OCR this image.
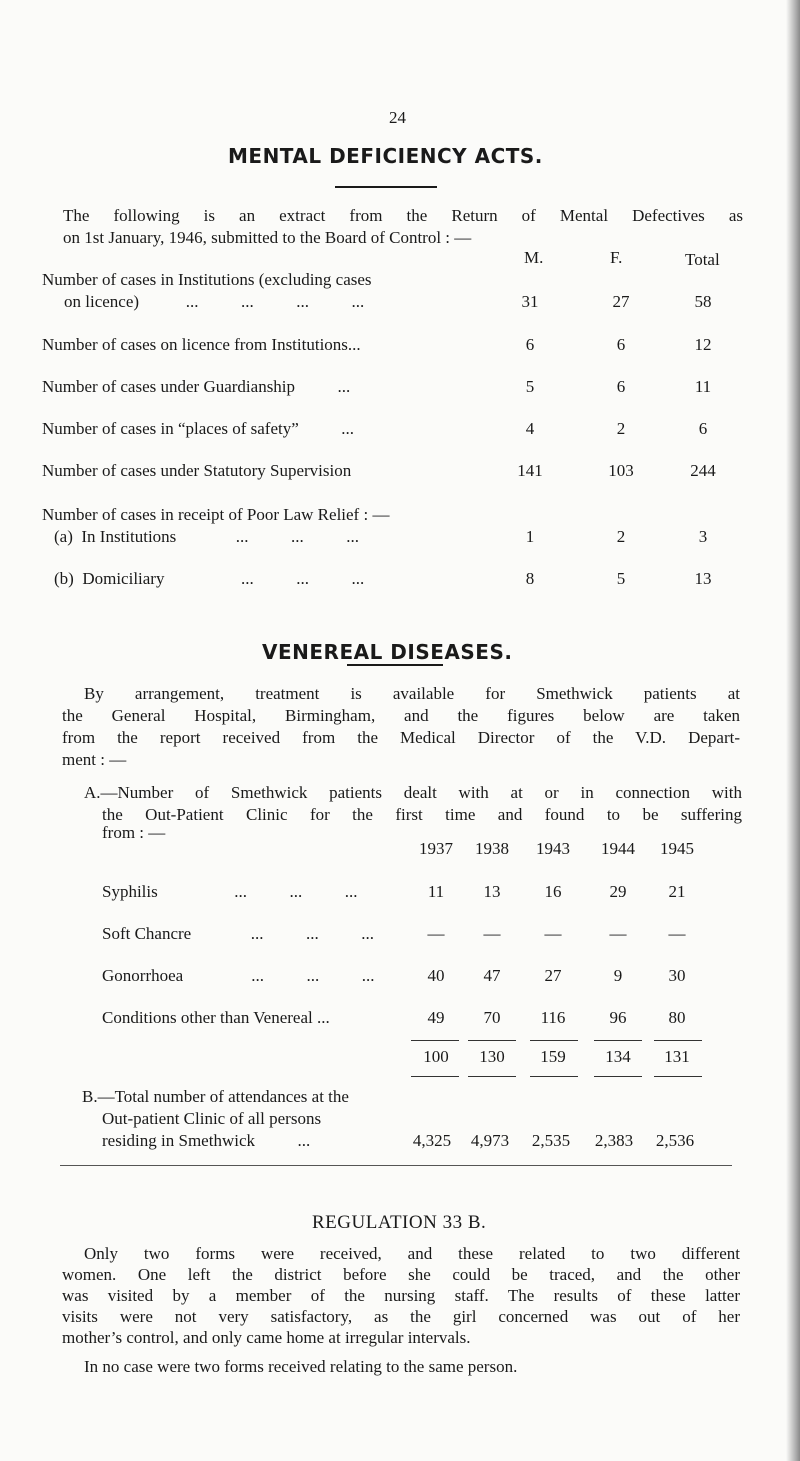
24
MENTAL DEFICIENCY ACTS.
The following is an extract from the Return of Mental Defectives as
on 1st January, 1946, submitted to the Board of Control : —
M.	F.	Total
Number of cases in Institutions (excluding cases
on licence)           ...          ...          ...          ...	31	27	58
Number of cases on licence from Institutions...	6	6	12
Number of cases under Guardianship          ...	5	6	11
Number of cases in “places of safety”          ...	4	2	6
Number of cases under Statutory Supervision	141	103	244
Number of cases in receipt of Poor Law Relief : —
(a)  In Institutions              ...          ...          ...	1	2	3
(b)  Domiciliary                  ...          ...          ...	8	5	13
VENEREAL DISEASES.
By arrangement, treatment is available for Smethwick patients at
the General Hospital, Birmingham, and the figures below are taken
from the report received from the Medical Director of the V.D. Depart-
ment : —
A.—Number of Smethwick patients dealt with at or in connection with
the Out-Patient Clinic for the first time and found to be suffering
from : —
1937	1938	1943	1944	1945
Syphilis                  ...          ...          ...	11	13	16	29	21
Soft Chancre              ...          ...          ...	—	—	—	—	—
Gonorrhoea                ...          ...          ...	40	47	27	9	30
Conditions other than Venereal ...	49	70	116	96	80
100	130	159	134	131
B.—Total number of attendances at the
Out-patient Clinic of all persons
residing in Smethwick          ...	4,325	4,973	2,535	2,383	2,536
REGULATION 33 B.
Only two forms were received, and these related to two different
women. One left the district before she could be traced, and the other
was visited by a member of the nursing staff. The results of these latter
visits were not very satisfactory, as the girl concerned was out of her
mother’s control, and only came home at irregular intervals.
In no case were two forms received relating to the same person.
